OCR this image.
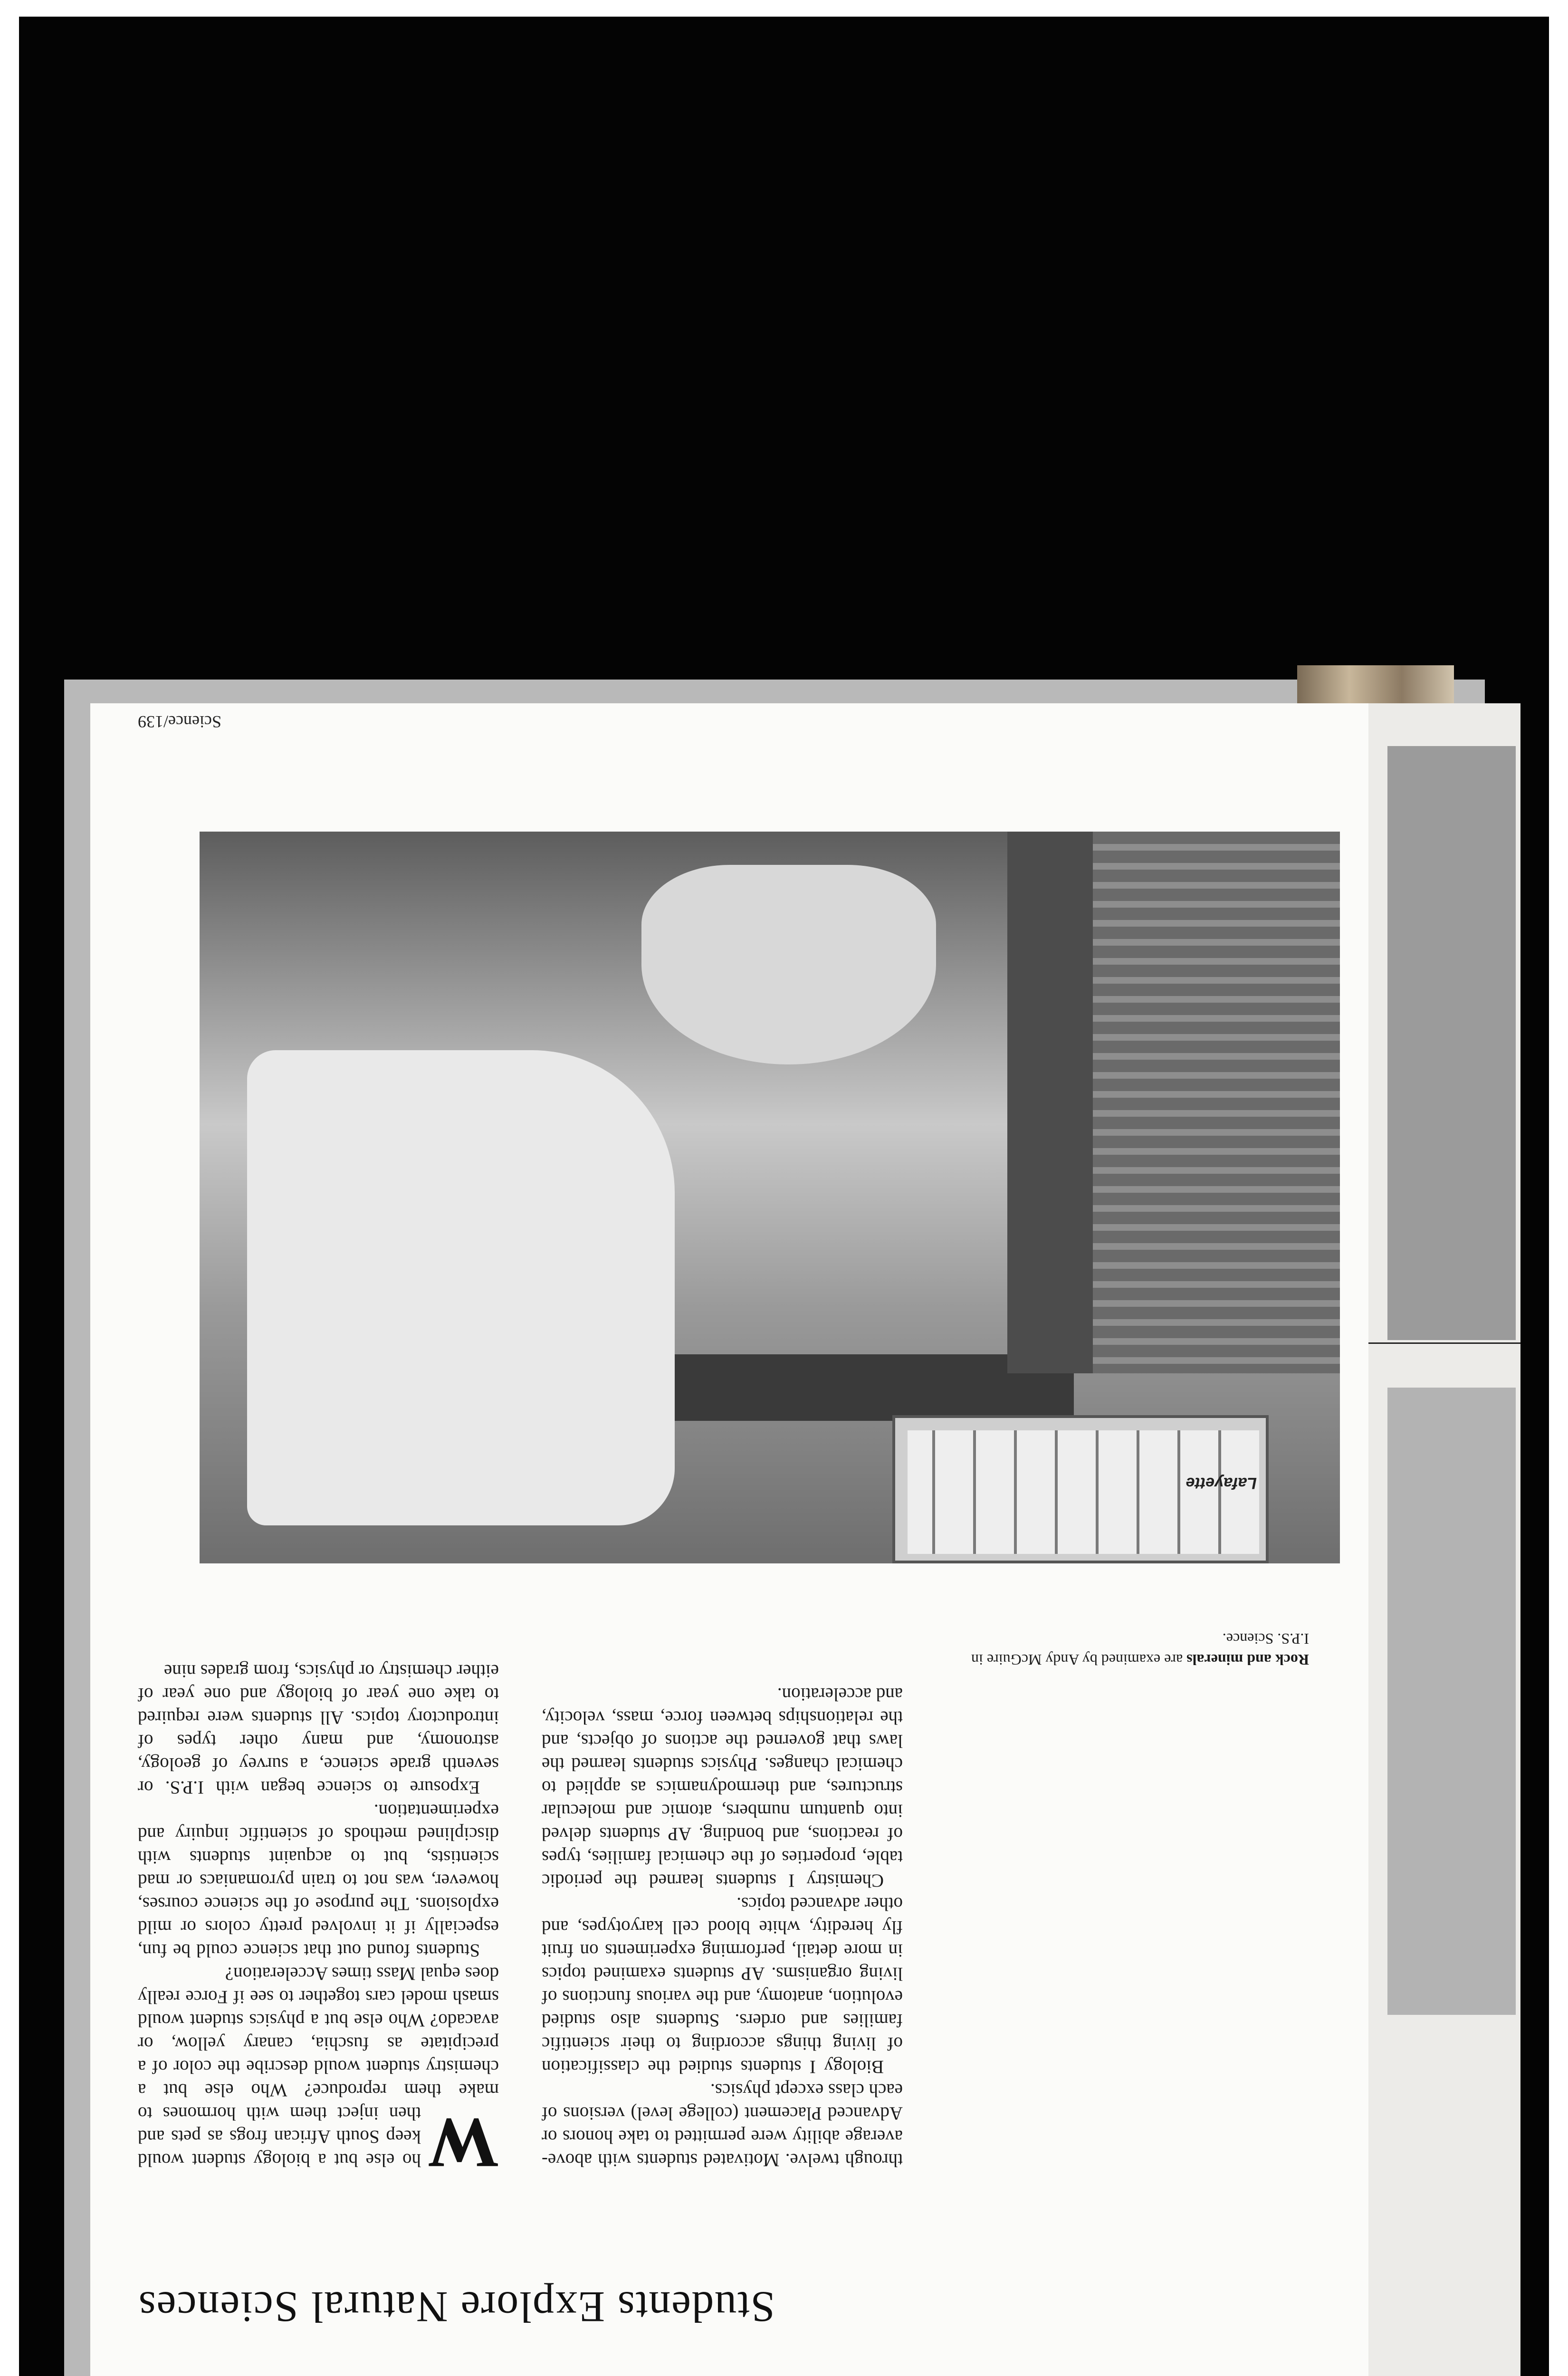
Students Explore Natural Sciences

W
ho else but a biology student would keep South African frogs as pets and then inject them with hormones to make them reproduce? Who else but a chemistry student would describe the color of a precipitate as fuschia, canary yellow, or avacado? Who else but a physics student would smash model cars together to see if Force really does equal Mass times Acceleration?

Students found out that science could be fun, especially if it involved pretty colors or mild explosions. The purpose of the science courses, however, was not to train pyromaniacs or mad scientists, but to acquaint students with disciplined methods of scientific inquiry and experimentation.

Exposure to science began with I.P.S. or seventh grade science, a survey of geology, astronomy, and many other types of introductory topics. All students were required to take one year of biology and one year of either chemistry or physics, from grades nine

through twelve. Motivated students with above-average ability were permitted to take honors or Advanced Placement (college level) versions of each class except physics.

Biology I students studied the classification of living things according to their scientific families and orders. Students also studied evolution, anatomy, and the various functions of living organisms. AP students examined topics in more detail, performing experiments on fruit fly heredity, white blood cell karyotypes, and other advanced topics.

Chemistry I students learned the periodic table, properties of the chemical families, types of reactions, and bonding. AP students delved into quantum numbers, atomic and molecular structures, and thermodynamics as applied to chemical changes. Physics students learned the laws that governed the actions of objects, and the relationships between force, mass, velocity, and acceleration.

Rock and minerals are examined by Andy McGuire in I.P.S. Science.
Science/139
Lafayette
